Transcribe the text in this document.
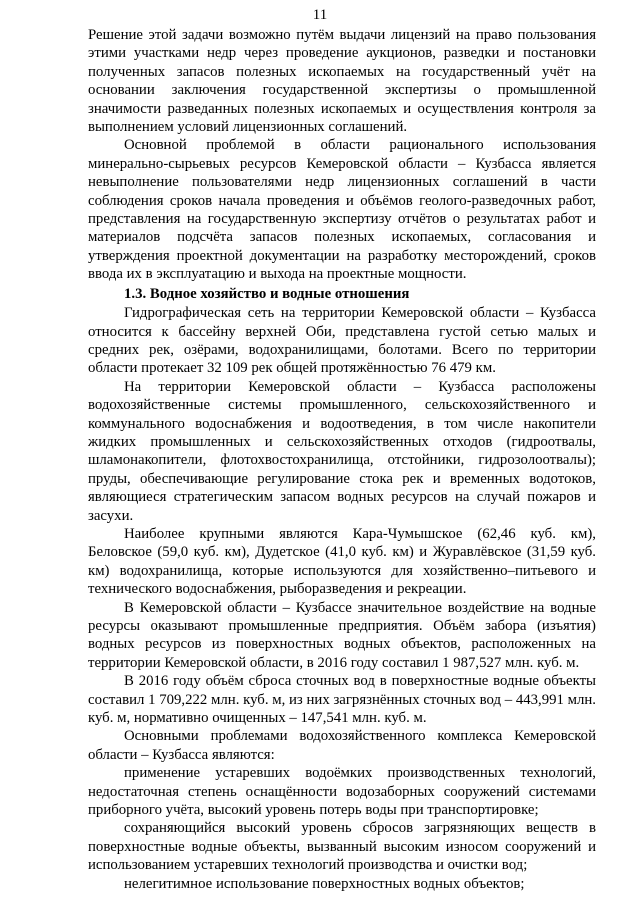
11

Решение этой задачи возможно путём выдачи лицензий на право пользования этими участками недр через проведение аукционов, разведки и постановки полученных запасов полезных ископаемых на государственный учёт на основании заключения государственной экспертизы о промышленной значимости разведанных полезных ископаемых и осуществления контроля за выполнением условий лицензионных соглашений.

Основной проблемой в области рационального использования минерально-сырьевых ресурсов Кемеровской области – Кузбасса является невыполнение пользователями недр лицензионных соглашений в части соблюдения сроков начала проведения и объёмов геолого-разведочных работ, представления на государственную экспертизу отчётов о результатах работ и материалов подсчёта запасов полезных ископаемых, согласования и утверждения проектной документации на разработку месторождений, сроков ввода их в эксплуатацию и выхода на проектные мощности.

1.3. Водное хозяйство и водные отношения

Гидрографическая сеть на территории Кемеровской области – Кузбасса относится к бассейну верхней Оби, представлена густой сетью малых и средних рек, озёрами, водохранилищами, болотами. Всего по территории области протекает 32 109 рек общей протяжённостью 76 479 км.

На территории Кемеровской области – Кузбасса расположены водохозяйственные системы промышленного, сельскохозяйственного и коммунального водоснабжения и водоотведения, в том числе накопители жидких промышленных и сельскохозяйственных отходов (гидроотвалы, шламонакопители, флотохвостохранилища, отстойники, гидрозолоотвалы); пруды, обеспечивающие регулирование стока рек и временных водотоков, являющиеся стратегическим запасом водных ресурсов на случай пожаров и засухи.

Наиболее крупными являются Кара-Чумышское (62,46 куб. км), Беловское (59,0 куб. км), Дудетское (41,0 куб. км) и Журавлёвское (31,59 куб. км) водохранилища, которые используются для хозяйственно–питьевого и технического водоснабжения, рыборазведения и рекреации.

В Кемеровской области – Кузбассе значительное воздействие на водные ресурсы оказывают промышленные предприятия. Объём забора (изъятия) водных ресурсов из поверхностных водных объектов, расположенных на территории Кемеровской области, в 2016 году составил 1 987,527 млн. куб. м.

В 2016 году объём сброса сточных вод в поверхностные водные объекты составил 1 709,222 млн. куб. м, из них загрязнённых сточных вод – 443,991 млн. куб. м, нормативно очищенных – 147,541 млн. куб. м.

Основными проблемами водохозяйственного комплекса Кемеровской области – Кузбасса являются:

применение устаревших водоёмких производственных технологий, недостаточная степень оснащённости водозаборных сооружений системами приборного учёта, высокий уровень потерь воды при транспортировке;

сохраняющийся высокий уровень сбросов загрязняющих веществ в поверхностные водные объекты, вызванный высоким износом сооружений и использованием устаревших технологий производства и очистки вод;

нелегитимное использование поверхностных водных объектов;
